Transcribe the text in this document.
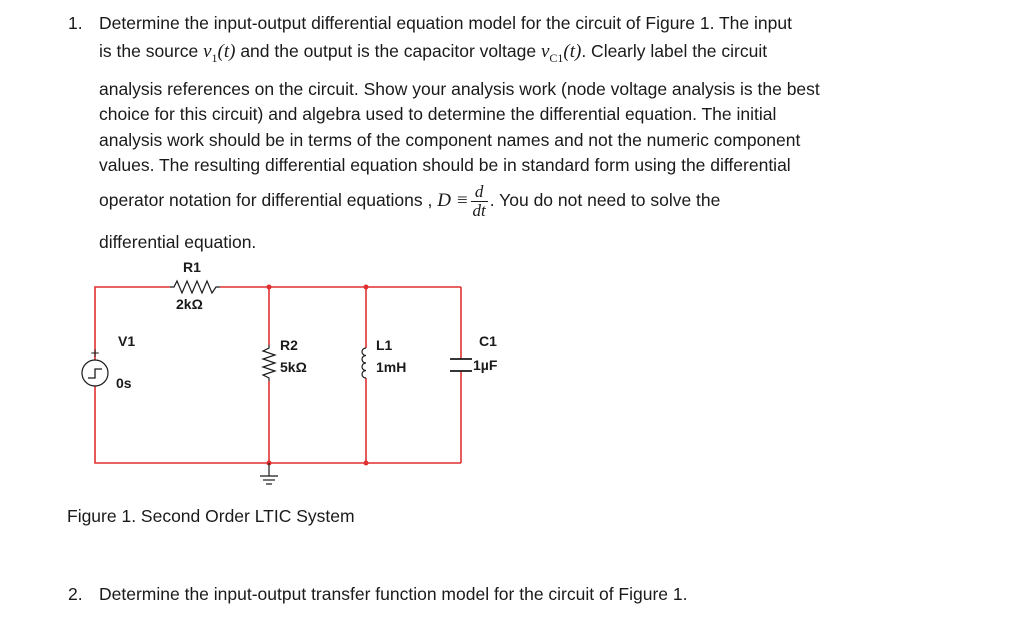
1. Determine the input-output differential equation model for the circuit of Figure 1. The input
is the source $v_1(t)$ and the output is the capacitor voltage $v_{C1}(t)$. Clearly label the circuit
analysis references on the circuit. Show your analysis work (node voltage analysis is the best
choice for this circuit) and algebra used to determine the differential equation. The initial
analysis work should be in terms of the component names and not the numeric component
values. The resulting differential equation should be in standard form using the differential
operator notation for differential equations , $D \equiv \frac{d}{dt}$ . You do not need to solve the
differential equation.
+
R1
2kΩ
V1
0s
R2
5kΩ
L1
1mH
C1
1µF
Figure 1. Second Order LTIC System
2. Determine the input-output transfer function model for the circuit of Figure 1.
